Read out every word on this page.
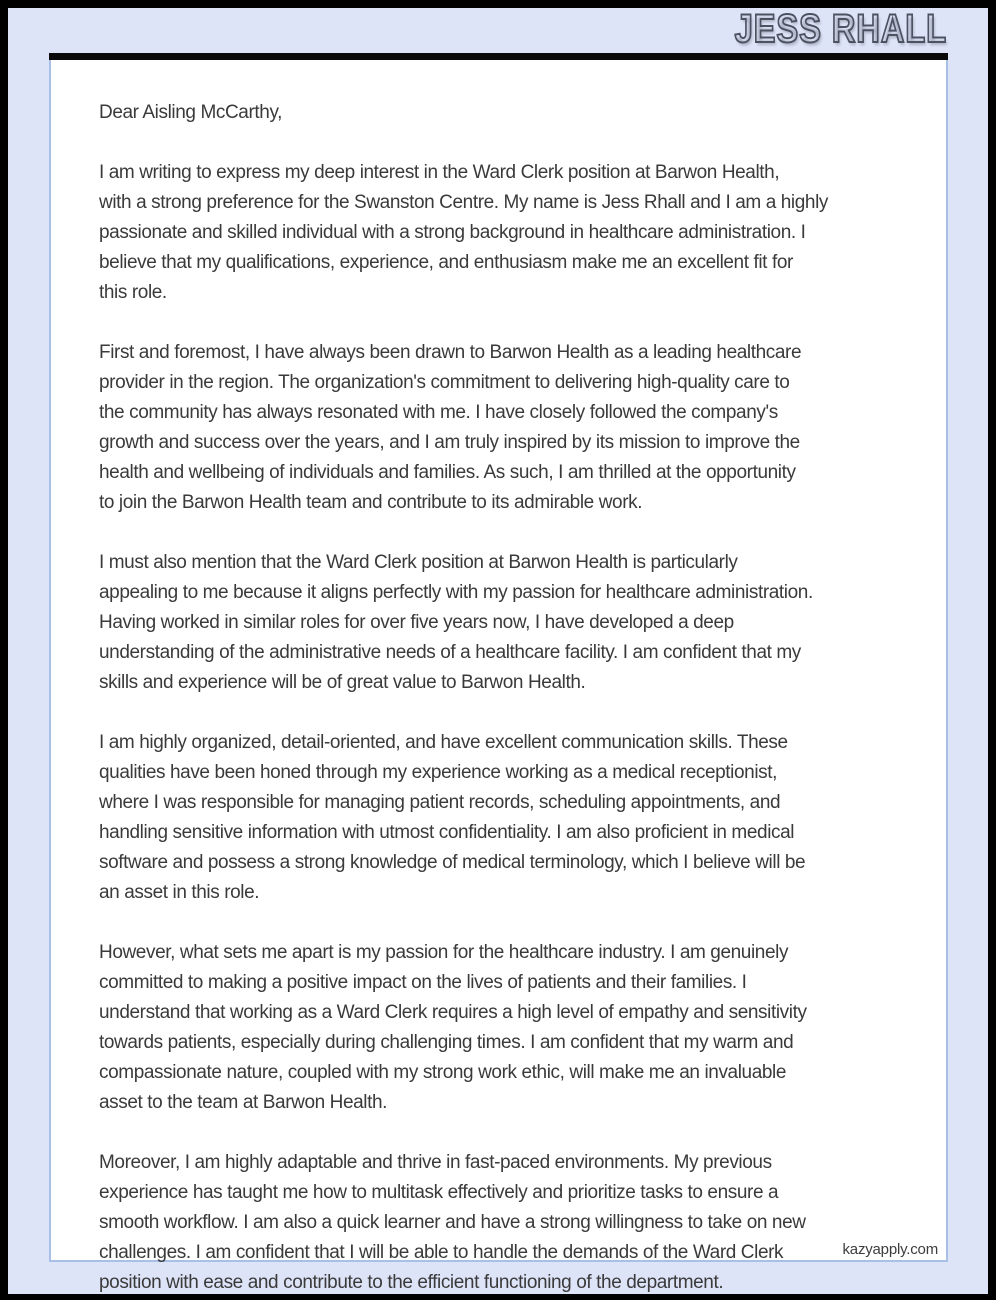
JESS RHALL

Dear Aisling McCarthy,

I am writing to express my deep interest in the Ward Clerk position at Barwon Health,
with a strong preference for the Swanston Centre. My name is Jess Rhall and I am a highly
passionate and skilled individual with a strong background in healthcare administration. I
believe that my qualifications, experience, and enthusiasm make me an excellent fit for
this role.

First and foremost, I have always been drawn to Barwon Health as a leading healthcare
provider in the region. The organization's commitment to delivering high-quality care to
the community has always resonated with me. I have closely followed the company's
growth and success over the years, and I am truly inspired by its mission to improve the
health and wellbeing of individuals and families. As such, I am thrilled at the opportunity
to join the Barwon Health team and contribute to its admirable work.

I must also mention that the Ward Clerk position at Barwon Health is particularly
appealing to me because it aligns perfectly with my passion for healthcare administration.
Having worked in similar roles for over five years now, I have developed a deep
understanding of the administrative needs of a healthcare facility. I am confident that my
skills and experience will be of great value to Barwon Health.

I am highly organized, detail-oriented, and have excellent communication skills. These
qualities have been honed through my experience working as a medical receptionist,
where I was responsible for managing patient records, scheduling appointments, and
handling sensitive information with utmost confidentiality. I am also proficient in medical
software and possess a strong knowledge of medical terminology, which I believe will be
an asset in this role.

However, what sets me apart is my passion for the healthcare industry. I am genuinely
committed to making a positive impact on the lives of patients and their families. I
understand that working as a Ward Clerk requires a high level of empathy and sensitivity
towards patients, especially during challenging times. I am confident that my warm and
compassionate nature, coupled with my strong work ethic, will make me an invaluable
asset to the team at Barwon Health.

Moreover, I am highly adaptable and thrive in fast-paced environments. My previous
experience has taught me how to multitask effectively and prioritize tasks to ensure a
smooth workflow. I am also a quick learner and have a strong willingness to take on new
challenges. I am confident that I will be able to handle the demands of the Ward Clerk
position with ease and contribute to the efficient functioning of the department.

kazyapply.com
